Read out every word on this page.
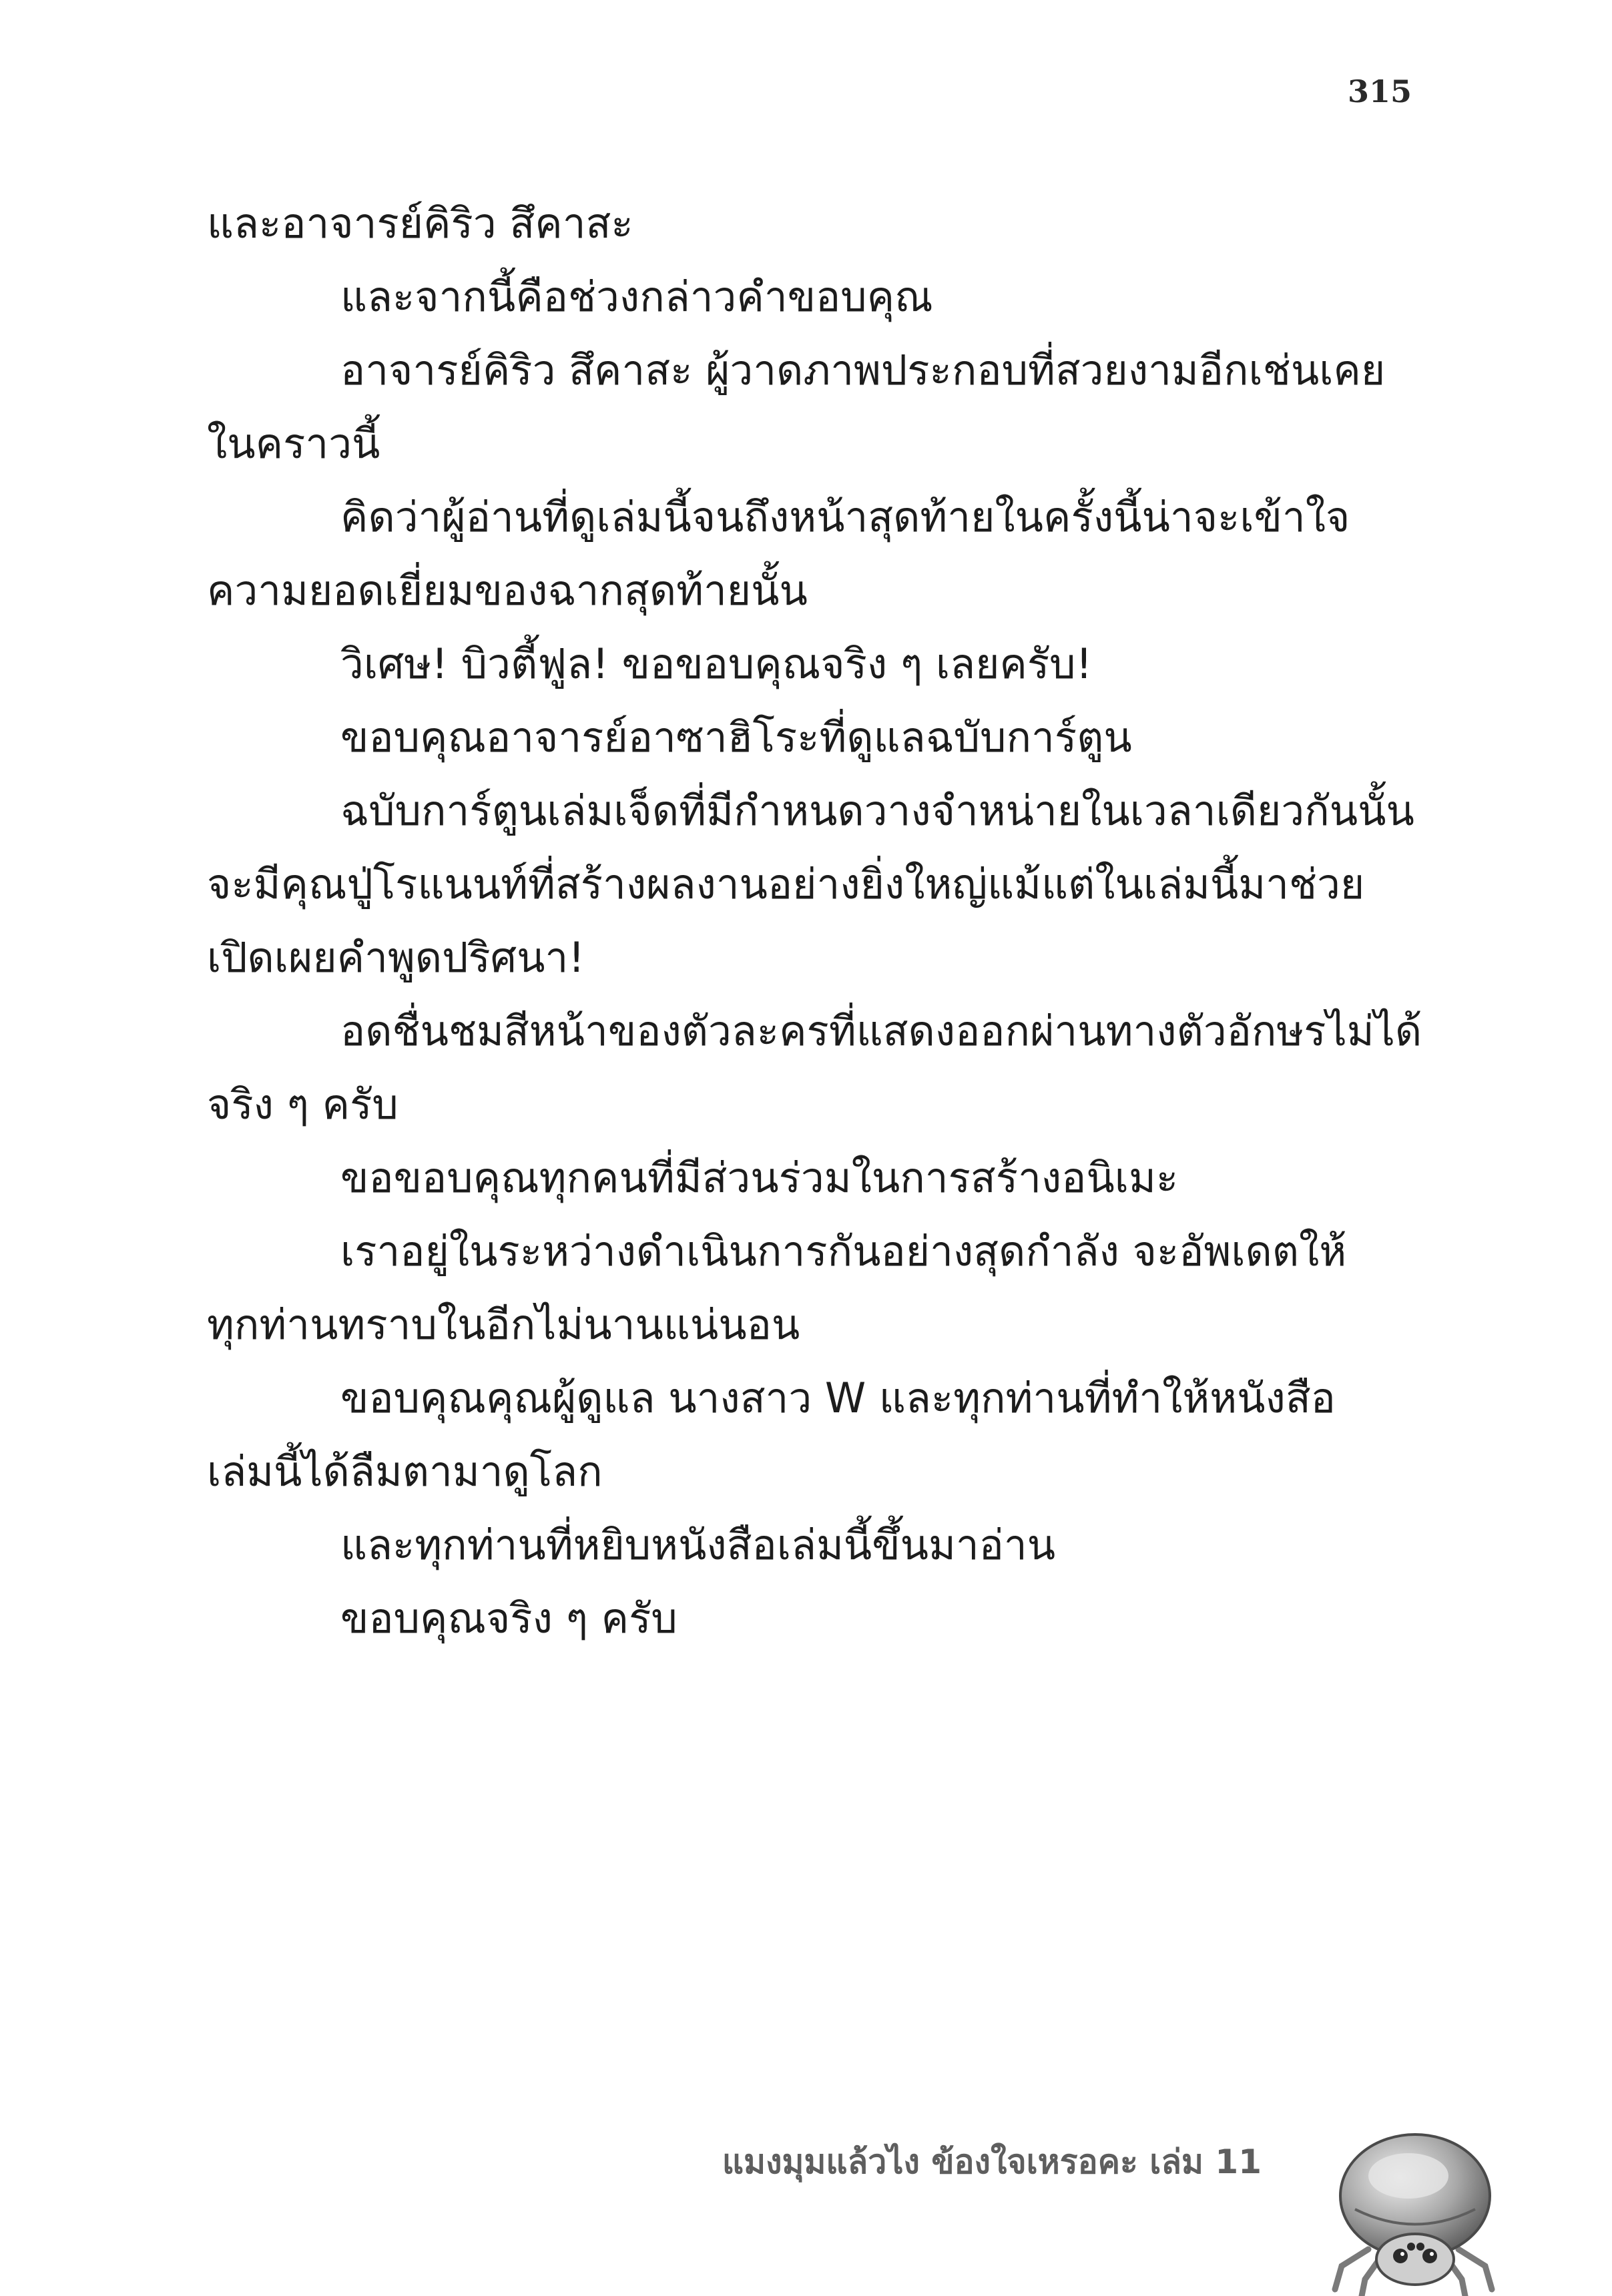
315
และอาจารย์คิริว สึคาสะ
และจากนี้คือช่วงกล่าวคำขอบคุณ
อาจารย์คิริว สึคาสะ ผู้วาดภาพประกอบที่สวยงามอีกเช่นเคย
ในคราวนี้
คิดว่าผู้อ่านที่ดูเล่มนี้จนถึงหน้าสุดท้ายในครั้งนี้น่าจะเข้าใจ
ความยอดเยี่ยมของฉากสุดท้ายนั้น
วิเศษ! บิวตี้ฟูล! ขอขอบคุณจริง ๆ เลยครับ!
ขอบคุณอาจารย์อาซาฮิโระที่ดูแลฉบับการ์ตูน
ฉบับการ์ตูนเล่มเจ็ดที่มีกำหนดวางจำหน่ายในเวลาเดียวกันนั้น
จะมีคุณปู่โรแนนท์ที่สร้างผลงานอย่างยิ่งใหญ่แม้แต่ในเล่มนี้มาช่วย
เปิดเผยคำพูดปริศนา!
อดชื่นชมสีหน้าของตัวละครที่แสดงออกผ่านทางตัวอักษรไม่ได้
จริง ๆ ครับ
ขอขอบคุณทุกคนที่มีส่วนร่วมในการสร้างอนิเมะ
เราอยู่ในระหว่างดำเนินการกันอย่างสุดกำลัง จะอัพเดตให้
ทุกท่านทราบในอีกไม่นานแน่นอน
ขอบคุณคุณผู้ดูแล นางสาว W และทุกท่านที่ทำให้หนังสือ
เล่มนี้ได้ลืมตามาดูโลก
และทุกท่านที่หยิบหนังสือเล่มนี้ขึ้นมาอ่าน
ขอบคุณจริง ๆ ครับ
แมงมุมแล้วไง ข้องใจเหรอคะ เล่ม 11
